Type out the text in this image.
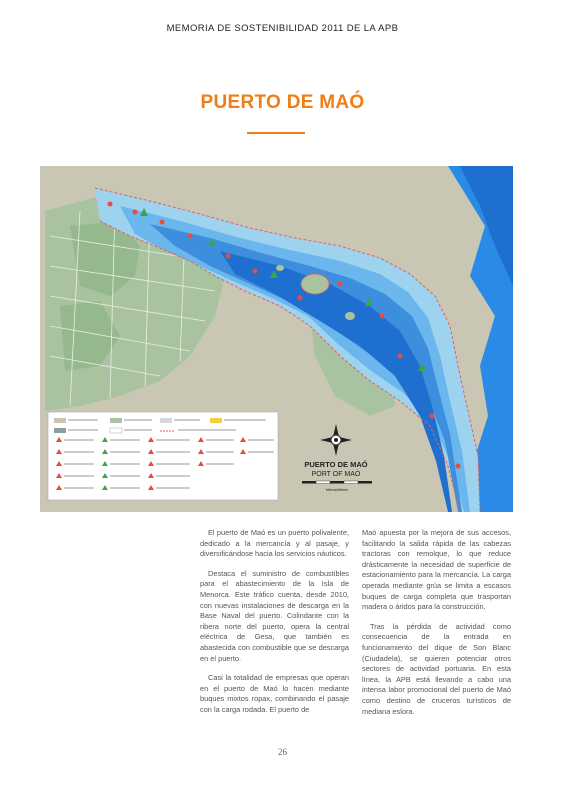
MEMORIA DE SOSTENIBILIDAD 2011 DE LA APB
PUERTO DE MAÓ
PUERTO DE MAÓ
PORT OF MAÓ
Metros/Meters

El puerto de Maó es un puerto polivalente, dedicado a la mercancía y al pasaje, y diversificándose hacia los servicios náuticos.

Destaca el suministro de combustibles para el abastecimiento de la Isla de Menorca. Este tráfico cuenta, desde 2010, con nuevas instalaciones de descarga en la Base Naval del puerto. Colindante con la ribera norte del puerto, opera la central eléctrica de Gesa, que también es abastecida con combustible que se descarga en el puerto.

Casi la totalidad de empresas que operan en el puerto de Maó lo hacen mediante buques mixtos ropax, combinando el pasaje con la carga rodada. El puerto de

Maó apuesta por la mejora de sus accesos, facilitando la salida rápida de las cabezas tractoras con remolque, lo que reduce drásticamente la necesidad de superficie de estacionamiento para la mercancía. La carga operada mediante grúa se limita a escasos buques de carga completa que trasportan madera o áridos para la construcción.

Tras la pérdida de actividad como consecuencia de la entrada en funcionamiento del dique de Son Blanc (Ciudadela), se quieren potenciar otros sectores de actividad portuaria. En esta línea, la APB está llevando a cabo una intensa labor promocional del puerto de Maó como destino de cruceros turísticos de mediana eslora.

26
